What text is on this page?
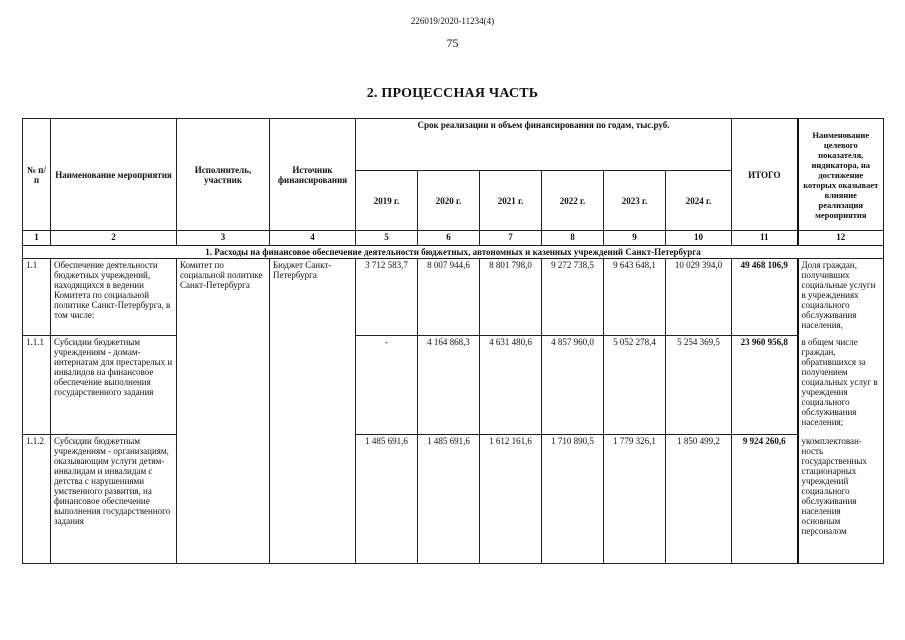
226019/2020-11234(4)
75
2. ПРОЦЕССНАЯ ЧАСТЬ
№ п/п	Наименование мероприятия	Исполнитель, участник	Источник финансирования	Срок реализации и объем финансирования по годам, тыс.руб.						ИТОГО	Наименование целевого показателя, индикатора, на достижение которых оказывает влияние реализация мероприятия
				2019 г.	2020 г.	2021 г.	2022 г.	2023 г.	2024 г.		
1	2	3	4	5	6	7	8	9	10	11	12
1. Расходы на финансовое обеспечение деятельности бюджетных, автономных и казенных учреждений Санкт-Петербурга											
1.1	Обеспечение деятельности бюджетных учреждений, находящихся в ведении Комитета по социальной политике Санкт-Петербурга, в том числе:	Комитет по социальной политике Санкт-Петербурга	Бюджет Санкт-Петербурга	3 712 583,7	8 007 944,6	8 801 798,0	9 272 738,5	9 643 648,1	10 029 394,0	49 468 106,9	Доля граждан, получивших социальные услуги в учреждениях социального обслуживания населения,
1.1.1	Субсидии бюджетным учреждениям - домам-интернатам для престарелых и инвалидов на финансовое обеспечение выполнения государственного задания			-	4 164 868,3	4 631 480,6	4 857 960,0	5 052 278,4	5 254 369,5	23 960 956,8	в общем числе граждан, обратившихся за получением социальных услуг в учреждения социального обслуживания населения;
1.1.2	Субсидии бюджетным учреждениям - организациям, оказывающим услуги детям-инвалидам и инвалидам с детства с нарушениями умственного развития, на финансовое обеспечение выполнения государственного задания			1 485 691,6	1 485 691,6	1 612 161,6	1 710 890,5	1 779 326,1	1 850 499,2	9 924 260,6	укомплектован-ность государственных стационарных учреждений социального обслуживания населения основным персоналом
